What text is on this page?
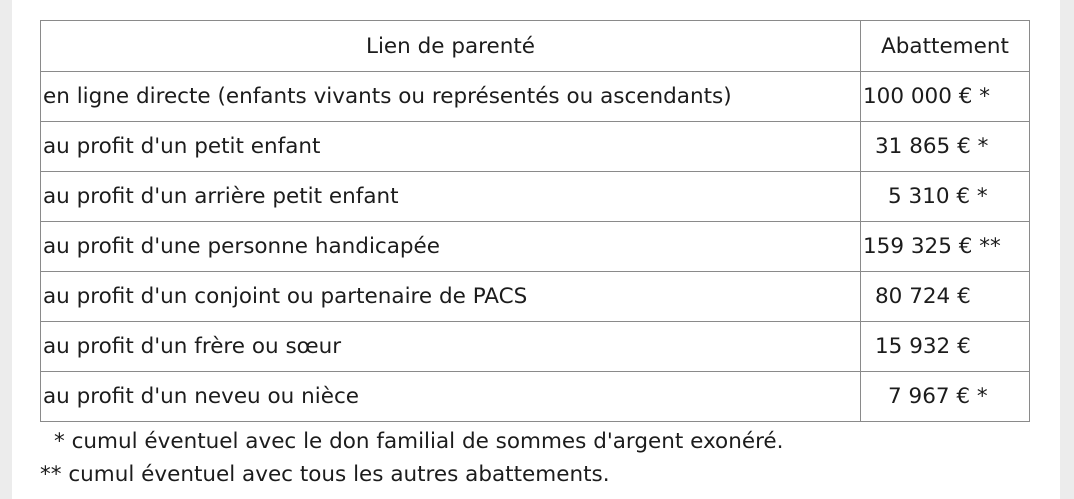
Lien de parenté	Abattement
en ligne directe (enfants vivants ou représentés ou ascendants)	100 000 € *
au profit d'un petit enfant	31 865 € *
au profit d'un arrière petit enfant	5 310 € *
au profit d'une personne handicapée	159 325 € **
au profit d'un conjoint ou partenaire de PACS	80 724 €
au profit d'un frère ou sœur	15 932 €
au profit d'un neveu ou nièce	7 967 € *
* cumul éventuel avec le don familial de sommes d'argent exonéré.
** cumul éventuel avec tous les autres abattements.
